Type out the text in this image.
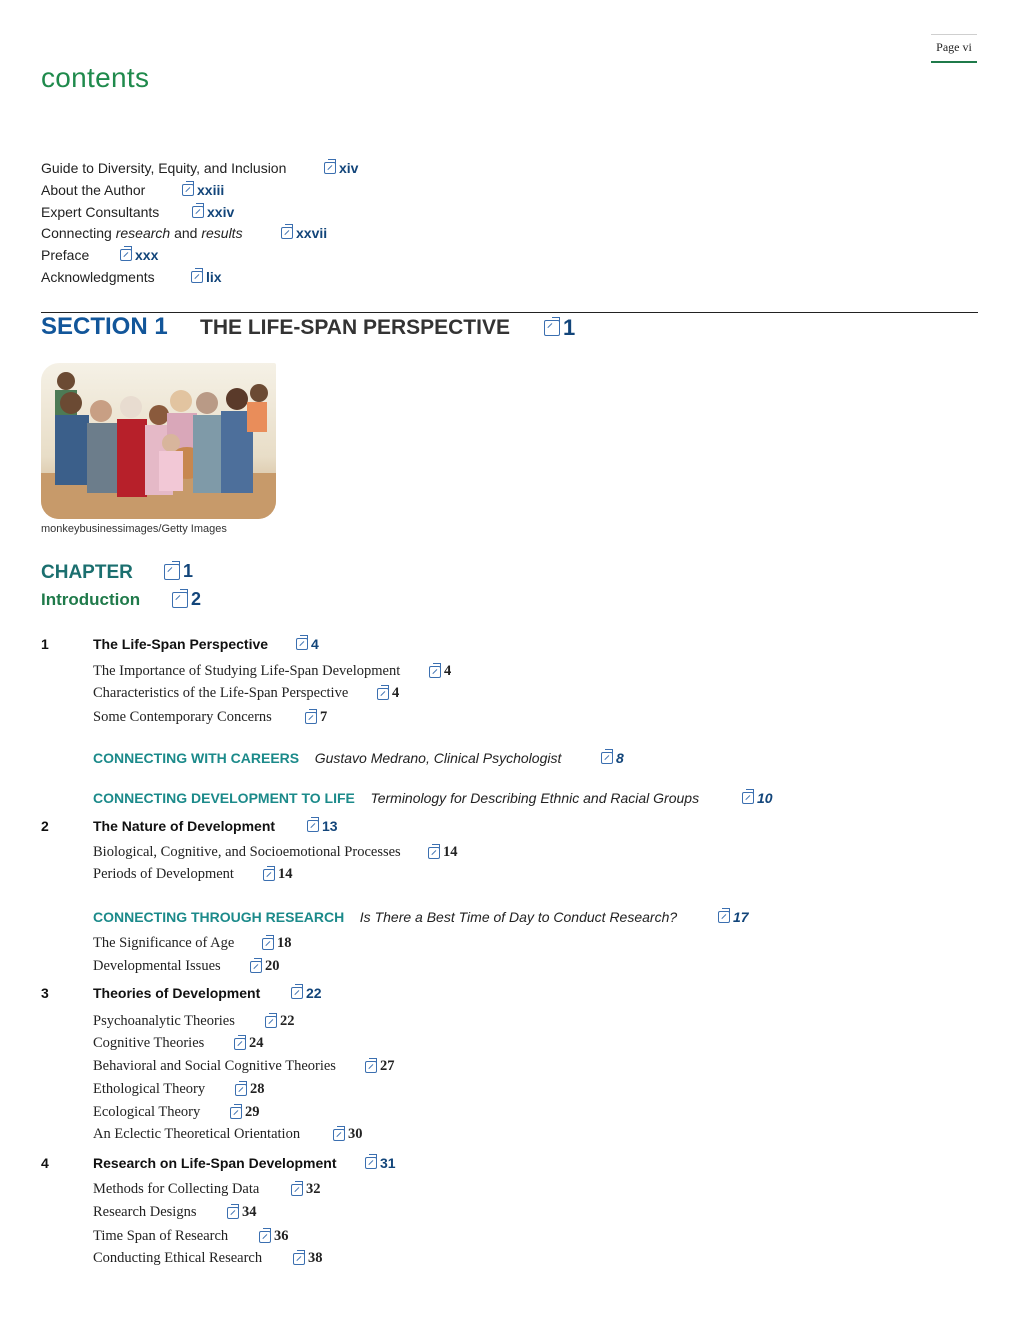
Page vi
contents
Guide to Diversity, Equity, and Inclusion	xiv
About the Author	xxiii
Expert Consultants	xxiv
Connecting research and results	xxvii
Preface	xxx
Acknowledgments	lix
SECTION 1 THE LIFE-SPAN PERSPECTIVE 1
monkeybusinessimages/Getty Images
CHAPTER	1
Introduction	2
1	The Life-Span Perspective	4
The Importance of Studying Life-Span Development	4
Characteristics of the Life-Span Perspective	4
Some Contemporary Concerns	7
CONNECTING WITH CAREERS Gustavo Medrano, Clinical Psychologist	8
CONNECTING DEVELOPMENT TO LIFE Terminology for Describing Ethnic and Racial Groups	10
2	The Nature of Development	13
Biological, Cognitive, and Socioemotional Processes	14
Periods of Development	14
CONNECTING THROUGH RESEARCH Is There a Best Time of Day to Conduct Research?	17
The Significance of Age	18
Developmental Issues	20
3	Theories of Development	22
Psychoanalytic Theories	22
Cognitive Theories	24
Behavioral and Social Cognitive Theories	27
Ethological Theory	28
Ecological Theory	29
An Eclectic Theoretical Orientation	30
4	Research on Life-Span Development	31
Methods for Collecting Data	32
Research Designs	34
Time Span of Research	36
Conducting Ethical Research	38
